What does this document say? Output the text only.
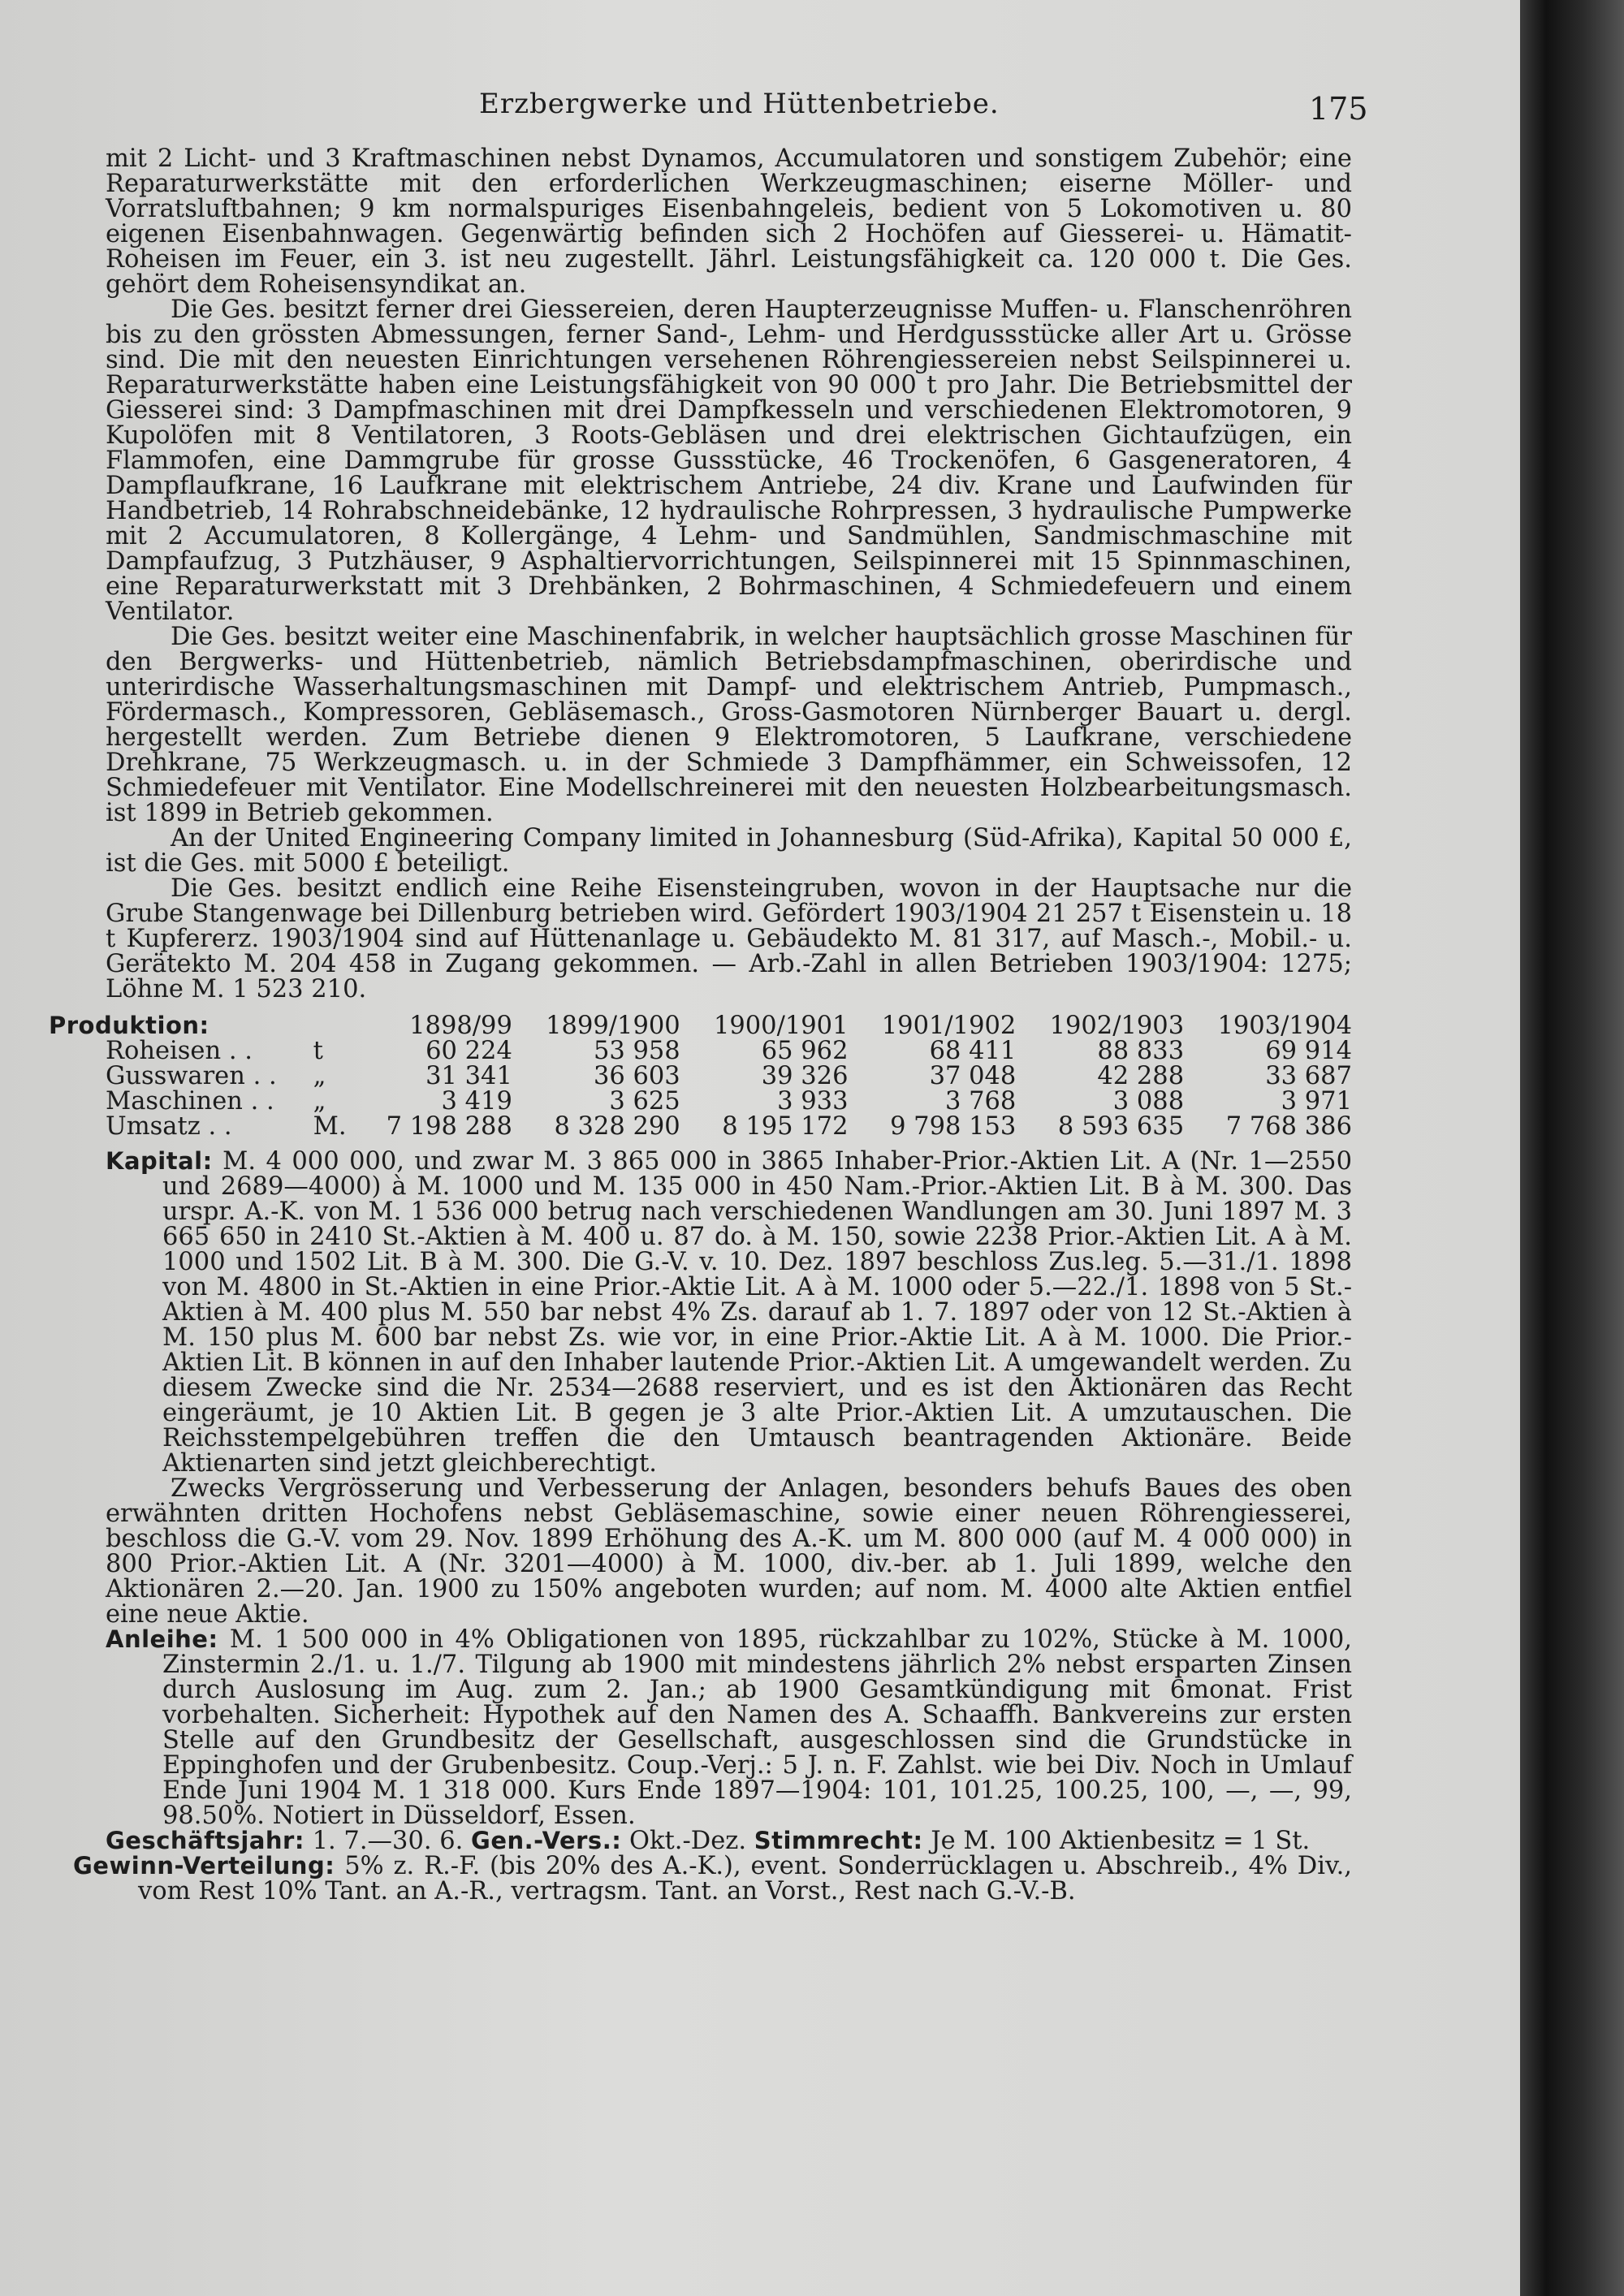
Erzbergwerke und Hüttenbetriebe.	175

mit 2 Licht- und 3 Kraftmaschinen nebst Dynamos, Accumulatoren und sonstigem Zubehör; eine Reparaturwerkstätte mit den erforderlichen Werkzeugmaschinen; eiserne Möller- und Vorratsluftbahnen; 9 km normalspuriges Eisenbahngeleis, bedient von 5 Lokomotiven u. 80 eigenen Eisenbahnwagen. Gegenwärtig befinden sich 2 Hochöfen auf Giesserei- u. Hämatit-Roheisen im Feuer, ein 3. ist neu zugestellt. Jährl. Leistungsfähigkeit ca. 120 000 t. Die Ges. gehört dem Roheisensyndikat an.

Die Ges. besitzt ferner drei Giessereien, deren Haupterzeugnisse Muffen- u. Flanschenröhren bis zu den grössten Abmessungen, ferner Sand-, Lehm- und Herdgussstücke aller Art u. Grösse sind. Die mit den neuesten Einrichtungen versehenen Röhrengiessereien nebst Seilspinnerei u. Reparaturwerkstätte haben eine Leistungsfähigkeit von 90 000 t pro Jahr. Die Betriebsmittel der Giesserei sind: 3 Dampfmaschinen mit drei Dampfkesseln und verschiedenen Elektromotoren, 9 Kupolöfen mit 8 Ventilatoren, 3 Roots-Gebläsen und drei elektrischen Gichtaufzügen, ein Flammofen, eine Dammgrube für grosse Gussstücke, 46 Trockenöfen, 6 Gasgeneratoren, 4 Dampflaufkrane, 16 Laufkrane mit elektrischem Antriebe, 24 div. Krane und Laufwinden für Handbetrieb, 14 Rohrabschneidebänke, 12 hydraulische Rohrpressen, 3 hydraulische Pumpwerke mit 2 Accumulatoren, 8 Kollergänge, 4 Lehm- und Sandmühlen, Sandmischmaschine mit Dampfaufzug, 3 Putzhäuser, 9 Asphaltiervorrichtungen, Seilspinnerei mit 15 Spinnmaschinen, eine Reparaturwerkstatt mit 3 Drehbänken, 2 Bohrmaschinen, 4 Schmiedefeuern und einem Ventilator.

Die Ges. besitzt weiter eine Maschinenfabrik, in welcher hauptsächlich grosse Maschinen für den Bergwerks- und Hüttenbetrieb, nämlich Betriebsdampfmaschinen, oberirdische und unterirdische Wasserhaltungsmaschinen mit Dampf- und elektrischem Antrieb, Pumpmasch., Fördermasch., Kompressoren, Gebläsemasch., Gross-Gasmotoren Nürnberger Bauart u. dergl. hergestellt werden. Zum Betriebe dienen 9 Elektromotoren, 5 Laufkrane, verschiedene Drehkrane, 75 Werkzeugmasch. u. in der Schmiede 3 Dampfhämmer, ein Schweissofen, 12 Schmiedefeuer mit Ventilator. Eine Modellschreinerei mit den neuesten Holzbearbeitungsmasch. ist 1899 in Betrieb gekommen.

An der United Engineering Company limited in Johannesburg (Süd-Afrika), Kapital 50 000 £, ist die Ges. mit 5000 £ beteiligt.

Die Ges. besitzt endlich eine Reihe Eisensteingruben, wovon in der Hauptsache nur die Grube Stangenwage bei Dillenburg betrieben wird. Gefördert 1903/1904 21 257 t Eisenstein u. 18 t Kupfererz. 1903/1904 sind auf Hüttenanlage u. Gebäudekto M. 81 317, auf Masch.-, Mobil.- u. Gerätekto M. 204 458 in Zugang gekommen. — Arb.-Zahl in allen Betrieben 1903/1904: 1275; Löhne M. 1 523 210.

Produktion:		1898/99	1899/1900	1900/1901	1901/1902	1902/1903	1903/1904
Roheisen . .	t	60 224	53 958	65 962	68 411	88 833	69 914
Gusswaren . .	„	31 341	36 603	39 326	37 048	42 288	33 687
Maschinen . .	„	3 419	3 625	3 933	3 768	3 088	3 971
Umsatz . .	M.	7 198 288	8 328 290	8 195 172	9 798 153	8 593 635	7 768 386

Kapital: M. 4 000 000, und zwar M. 3 865 000 in 3865 Inhaber-Prior.-Aktien Lit. A (Nr. 1—2550 und 2689—4000) à M. 1000 und M. 135 000 in 450 Nam.-Prior.-Aktien Lit. B à M. 300. Das urspr. A.-K. von M. 1 536 000 betrug nach verschiedenen Wandlungen am 30. Juni 1897 M. 3 665 650 in 2410 St.-Aktien à M. 400 u. 87 do. à M. 150, sowie 2238 Prior.-Aktien Lit. A à M. 1000 und 1502 Lit. B à M. 300. Die G.-V. v. 10. Dez. 1897 beschloss Zus.leg. 5.—31./1. 1898 von M. 4800 in St.-Aktien in eine Prior.-Aktie Lit. A à M. 1000 oder 5.—22./1. 1898 von 5 St.-Aktien à M. 400 plus M. 550 bar nebst 4% Zs. darauf ab 1. 7. 1897 oder von 12 St.-Aktien à M. 150 plus M. 600 bar nebst Zs. wie vor, in eine Prior.-Aktie Lit. A à M. 1000. Die Prior.-Aktien Lit. B können in auf den Inhaber lautende Prior.-Aktien Lit. A umgewandelt werden. Zu diesem Zwecke sind die Nr. 2534—2688 reserviert, und es ist den Aktionären das Recht eingeräumt, je 10 Aktien Lit. B gegen je 3 alte Prior.-Aktien Lit. A umzutauschen. Die Reichsstempelgebühren treffen die den Umtausch beantragenden Aktionäre. Beide Aktienarten sind jetzt gleichberechtigt.

Zwecks Vergrösserung und Verbesserung der Anlagen, besonders behufs Baues des oben erwähnten dritten Hochofens nebst Gebläsemaschine, sowie einer neuen Röhrengiesserei, beschloss die G.-V. vom 29. Nov. 1899 Erhöhung des A.-K. um M. 800 000 (auf M. 4 000 000) in 800 Prior.-Aktien Lit. A (Nr. 3201—4000) à M. 1000, div.-ber. ab 1. Juli 1899, welche den Aktionären 2.—20. Jan. 1900 zu 150% angeboten wurden; auf nom. M. 4000 alte Aktien entfiel eine neue Aktie.

Anleihe: M. 1 500 000 in 4% Obligationen von 1895, rückzahlbar zu 102%, Stücke à M. 1000, Zinstermin 2./1. u. 1./7. Tilgung ab 1900 mit mindestens jährlich 2% nebst ersparten Zinsen durch Auslosung im Aug. zum 2. Jan.; ab 1900 Gesamtkündigung mit 6monat. Frist vorbehalten. Sicherheit: Hypothek auf den Namen des A. Schaaffh. Bankvereins zur ersten Stelle auf den Grundbesitz der Gesellschaft, ausgeschlossen sind die Grundstücke in Eppinghofen und der Grubenbesitz. Coup.-Verj.: 5 J. n. F. Zahlst. wie bei Div. Noch in Umlauf Ende Juni 1904 M. 1 318 000. Kurs Ende 1897—1904: 101, 101.25, 100.25, 100, —, —, 99, 98.50%. Notiert in Düsseldorf, Essen.

Geschäftsjahr: 1. 7.—30. 6. Gen.-Vers.: Okt.-Dez. Stimmrecht: Je M. 100 Aktienbesitz = 1 St.

Gewinn-Verteilung: 5% z. R.-F. (bis 20% des A.-K.), event. Sonderrücklagen u. Abschreib., 4% Div., vom Rest 10% Tant. an A.-R., vertragsm. Tant. an Vorst., Rest nach G.-V.-B.
